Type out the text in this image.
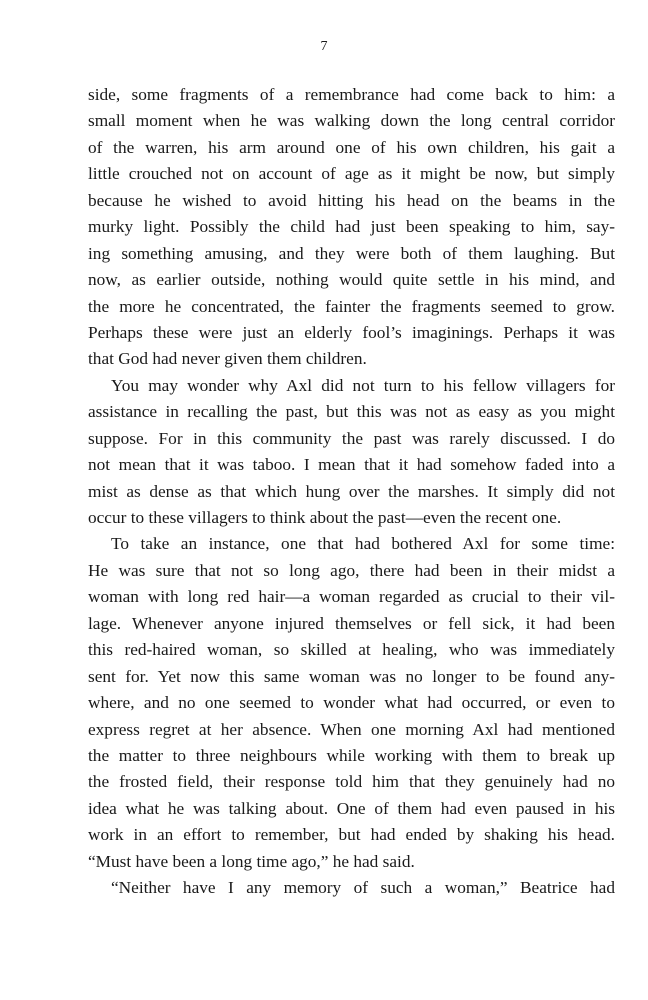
7
side, some fragments of a remembrance had come back to him: a
small moment when he was walking down the long central corridor
of the warren, his arm around one of his own children, his gait a
little crouched not on account of age as it might be now, but simply
because he wished to avoid hitting his head on the beams in the
murky light. Possibly the child had just been speaking to him, say-
ing something amusing, and they were both of them laughing. But
now, as earlier outside, nothing would quite settle in his mind, and
the more he concentrated, the fainter the fragments seemed to grow.
Perhaps these were just an elderly fool’s imaginings. Perhaps it was
that God had never given them children.
You may wonder why Axl did not turn to his fellow villagers for
assistance in recalling the past, but this was not as easy as you might
suppose. For in this community the past was rarely discussed. I do
not mean that it was taboo. I mean that it had somehow faded into a
mist as dense as that which hung over the marshes. It simply did not
occur to these villagers to think about the past—even the recent one.
To take an instance, one that had bothered Axl for some time:
He was sure that not so long ago, there had been in their midst a
woman with long red hair—a woman regarded as crucial to their vil-
lage. Whenever anyone injured themselves or fell sick, it had been
this red-haired woman, so skilled at healing, who was immediately
sent for. Yet now this same woman was no longer to be found any-
where, and no one seemed to wonder what had occurred, or even to
express regret at her absence. When one morning Axl had mentioned
the matter to three neighbours while working with them to break up
the frosted field, their response told him that they genuinely had no
idea what he was talking about. One of them had even paused in his
work in an effort to remember, but had ended by shaking his head.
“Must have been a long time ago,” he had said.
“Neither have I any memory of such a woman,” Beatrice had
